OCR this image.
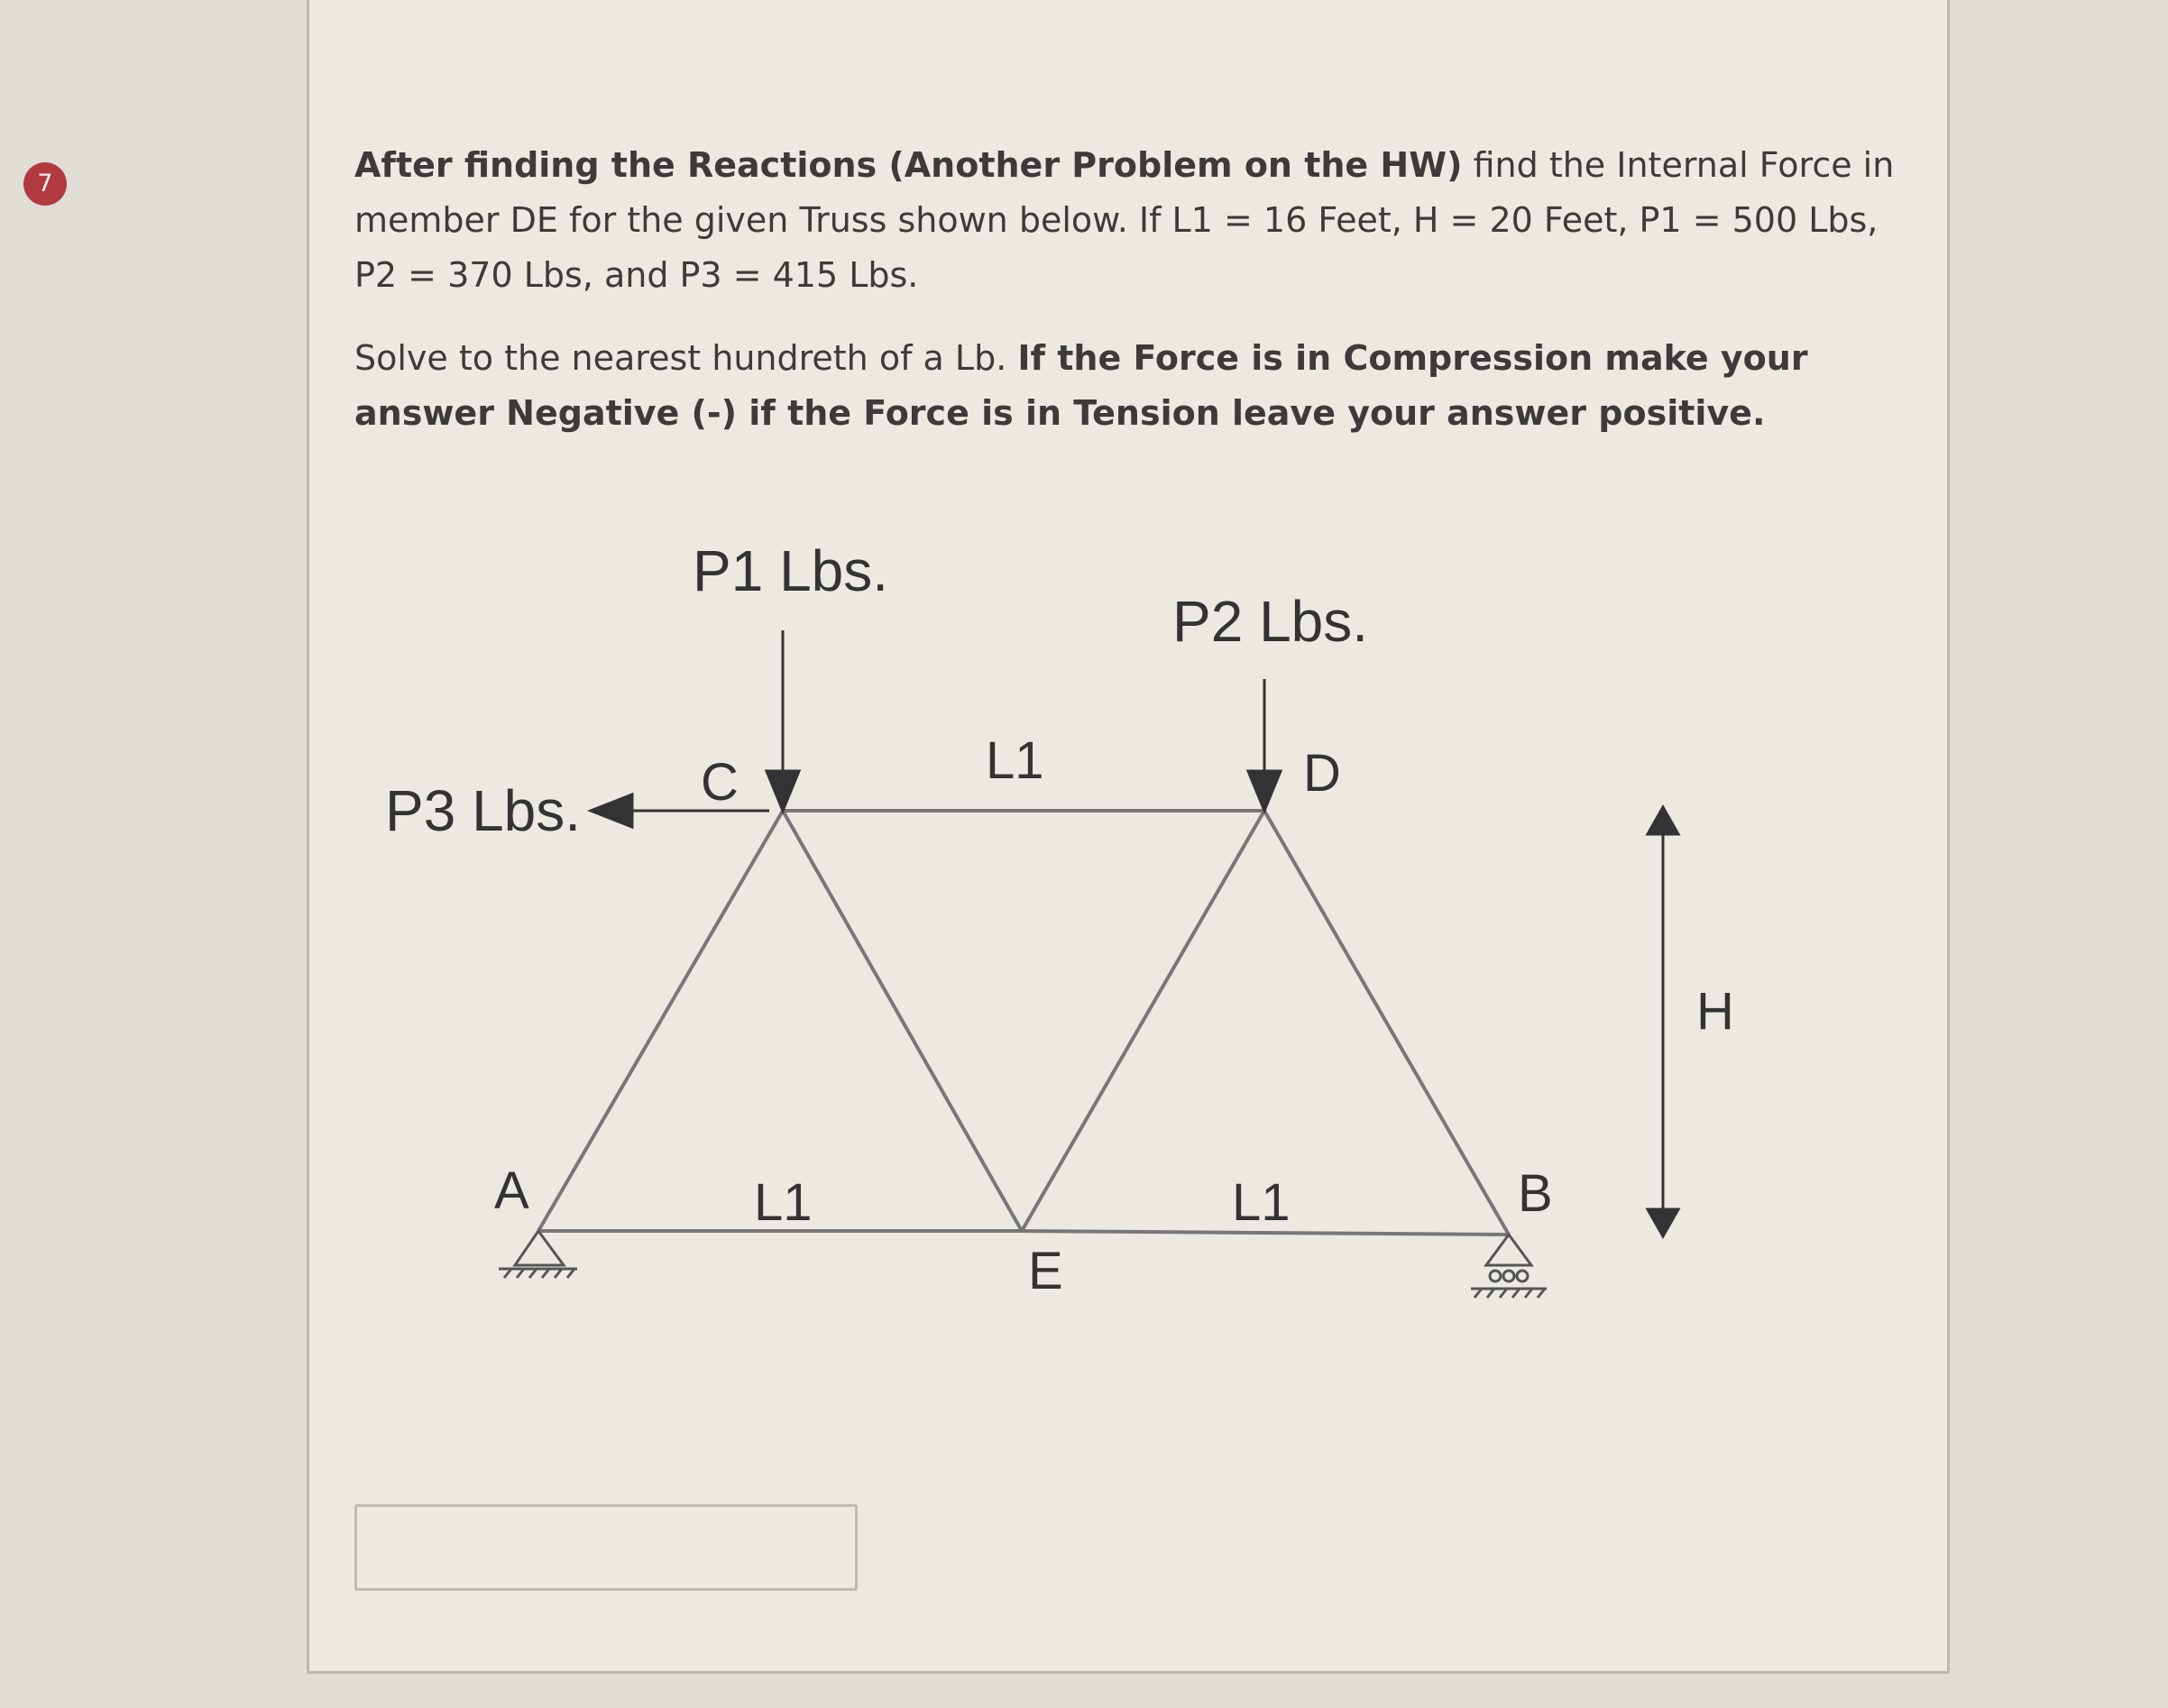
7	After finding the Reactions (Another Problem on the HW) find the Internal Force in member DE for the given Truss shown below. If L1 = 16 Feet, H = 20 Feet, P1 = 500 Lbs, P2 = 370 Lbs, and P3 = 415 Lbs.

Solve to the nearest hundreth of a Lb. If the Force is in Compression make your answer Negative (-) if the Force is in Tension leave your answer positive.

P1 Lbs.
P2 Lbs.
P3 Lbs. C	D
A	B
E
L1
L1	L1
H
